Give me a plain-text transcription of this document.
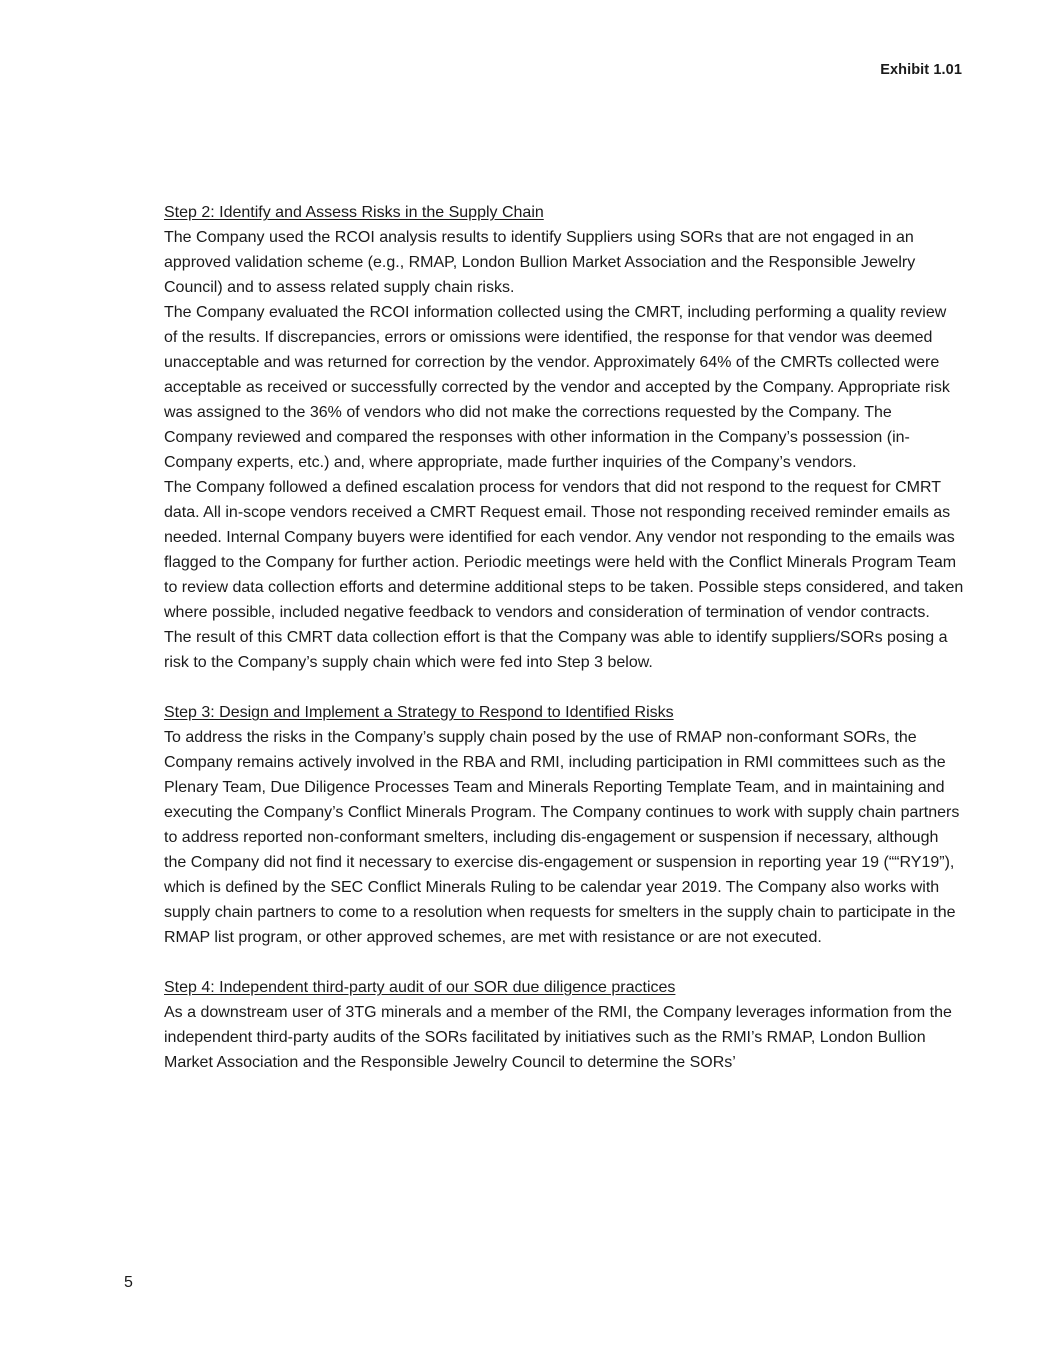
Exhibit 1.01

Step 2: Identify and Assess Risks in the Supply Chain

The Company used the RCOI analysis results to identify Suppliers using SORs that are not engaged in an approved validation scheme (e.g., RMAP, London Bullion Market Association and the Responsible Jewelry Council) and to assess related supply chain risks.

The Company evaluated the RCOI information collected using the CMRT, including performing a quality review of the results. If discrepancies, errors or omissions were identified, the response for that vendor was deemed unacceptable and was returned for correction by the vendor. Approximately 64% of the CMRTs collected were acceptable as received or successfully corrected by the vendor and accepted by the Company. Appropriate risk was assigned to the 36% of vendors who did not make the corrections requested by the Company. The Company reviewed and compared the responses with other information in the Company’s possession (in-Company experts, etc.) and, where appropriate, made further inquiries of the Company’s vendors.

The Company followed a defined escalation process for vendors that did not respond to the request for CMRT data. All in-scope vendors received a CMRT Request email. Those not responding received reminder emails as needed. Internal Company buyers were identified for each vendor. Any vendor not responding to the emails was flagged to the Company for further action. Periodic meetings were held with the Conflict Minerals Program Team to review data collection efforts and determine additional steps to be taken. Possible steps considered, and taken where possible, included negative feedback to vendors and consideration of termination of vendor contracts.

The result of this CMRT data collection effort is that the Company was able to identify suppliers/SORs posing a risk to the Company’s supply chain which were fed into Step 3 below.

Step 3: Design and Implement a Strategy to Respond to Identified Risks

To address the risks in the Company’s supply chain posed by the use of RMAP non-conformant SORs, the Company remains actively involved in the RBA and RMI, including participation in RMI committees such as the Plenary Team, Due Diligence Processes Team and Minerals Reporting Template Team, and in maintaining and executing the Company’s Conflict Minerals Program. The Company continues to work with supply chain partners to address reported non-conformant smelters, including dis-engagement or suspension if necessary, although the Company did not find it necessary to exercise dis-engagement or suspension in reporting year 19 (““RY19”), which is defined by the SEC Conflict Minerals Ruling to be calendar year 2019. The Company also works with supply chain partners to come to a resolution when requests for smelters in the supply chain to participate in the RMAP list program, or other approved schemes, are met with resistance or are not executed.

Step 4: Independent third-party audit of our SOR due diligence practices

As a downstream user of 3TG minerals and a member of the RMI, the Company leverages information from the independent third-party audits of the SORs facilitated by initiatives such as the RMI’s RMAP, London Bullion Market Association and the Responsible Jewelry Council to determine the SORs’

5
